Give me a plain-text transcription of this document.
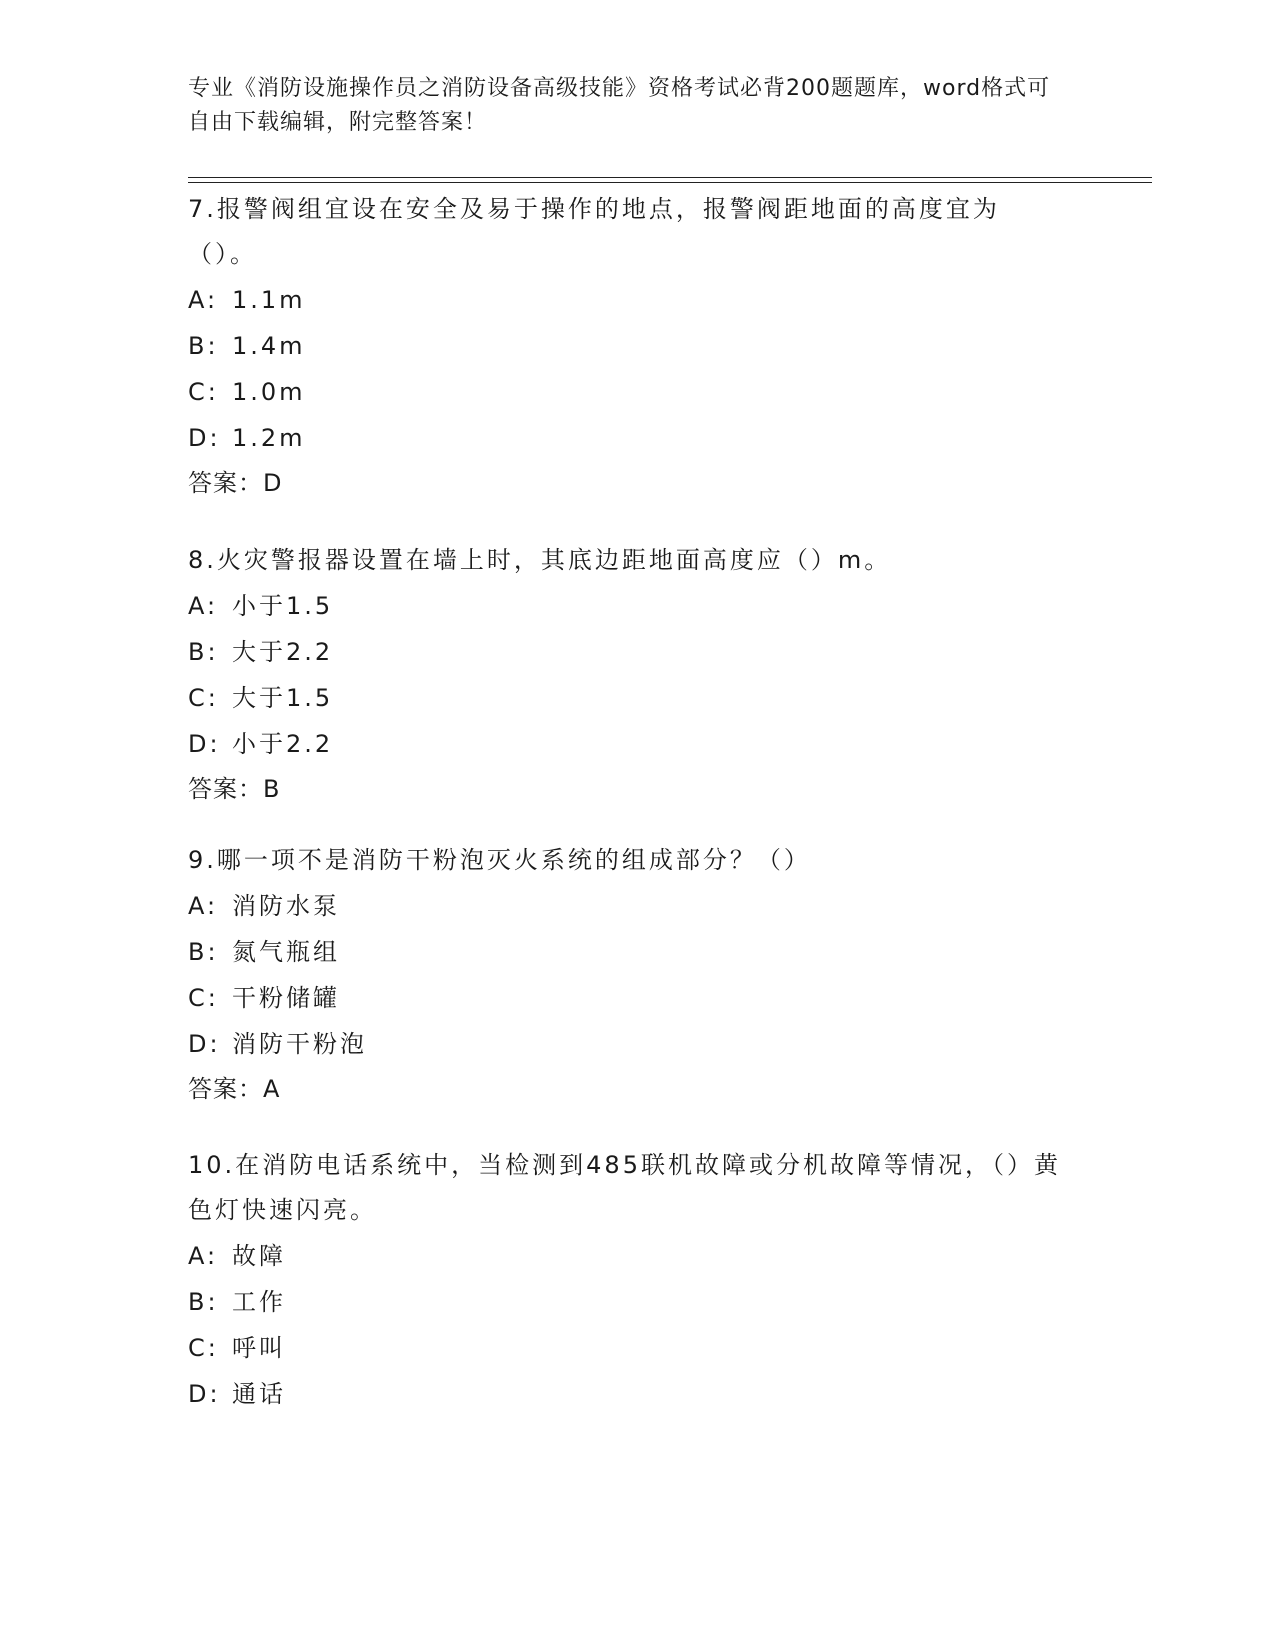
专业《消防设施操作员之消防设备高级技能》资格考试必背200题题库，word格式可自由下载编辑，附完整答案！

7.报警阀组宜设在安全及易于操作的地点，报警阀距地面的高度宜为（）。

A: 1.1m
B: 1.4m
C: 1.0m
D: 1.2m
答案：D

8.火灾警报器设置在墙上时，其底边距地面高度应（）m。

A: 小于1.5
B: 大于2.2
C: 大于1.5
D: 小于2.2
答案：B

9.哪一项不是消防干粉泡灭火系统的组成部分？（）

A: 消防水泵
B: 氮气瓶组
C: 干粉储罐
D: 消防干粉泡
答案：A

10.在消防电话系统中，当检测到485联机故障或分机故障等情况，（）黄色灯快速闪亮。

A: 故障
B: 工作
C: 呼叫
D: 通话
